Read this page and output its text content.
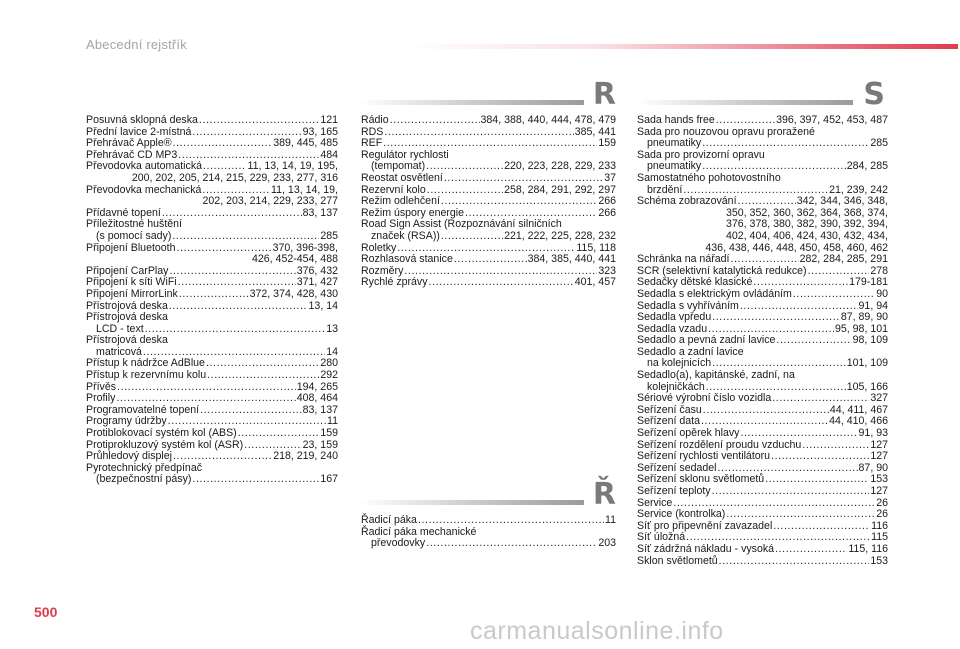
Abecední rejstřík
R	S
Ř
Posuvná sklopná deska .....	121
Přední lavice 2-místná .....	93, 165
Přehrávač Apple® .....	389, 445, 485
Přehrávač CD MP3 .....	484
Převodovka automatická .....	11, 13, 14, 19, 195,
200, 202, 205, 214, 215, 229, 233, 277, 316
Převodovka mechanická .....	11, 13, 14, 19,
202, 203, 214, 229, 233, 277
Přídavné topení .....	83, 137
Příležitostné huštění
(s pomocí sady) .....	285
Připojení Bluetooth .....	370, 396-398,
426, 452-454, 488
Připojení CarPlay .....	376, 432
Připojení k síti WiFi .....	371, 427
Připojení MirrorLink .....	372, 374, 428, 430
Přístrojová deska .....	13, 14
Přístrojová deska
LCD - text .....	13
Přístrojová deska
matricová .....	14
Přístup k nádržce AdBlue .....	280
Přístup k rezervnímu kolu .....	292
Přívěs .....	194, 265
Profily .....	408, 464
Programovatelné topení .....	83, 137
Programy údržby .....	11
Protiblokovací systém kol (ABS) .....	159
Protiprokluzový systém kol (ASR) .....	23, 159
Průhledový displej .....	218, 219, 240
Pyrotechnický předpínač
(bezpečnostní pásy) .....	167
Rádio .....	384, 388, 440, 444, 478, 479
RDS .....	385, 441
REF .....	159
Regulátor rychlosti
(tempomat) .....	220, 223, 228, 229, 233
Reostat osvětlení .....	37
Rezervní kolo .....	258, 284, 291, 292, 297
Režim odlehčení .....	266
Režim úspory energie .....	266
Road Sign Assist (Rozpoznávání silničních
značek (RSA)) .....	221, 222, 225, 228, 232
Roletky .....	115, 118
Rozhlasová stanice .....	384, 385, 440, 441
Rozměry .....	323
Rychlé zprávy .....	401, 457
Řadicí páka .....	11
Řadicí páka mechanické
převodovky .....	203
Sada hands free .....	396, 397, 452, 453, 487
Sada pro nouzovou opravu proražené
pneumatiky .....	285
Sada pro provizorní opravu
pneumatiky .....	284, 285
Samostatného pohotovostního
brzdění .....	21, 239, 242
Schéma zobrazování .....	342, 344, 346, 348,
350, 352, 360, 362, 364, 368, 374,
376, 378, 380, 382, 390, 392, 394,
402, 404, 406, 424, 430, 432, 434,
436, 438, 446, 448, 450, 458, 460, 462
Schránka na nářadí .....	282, 284, 285, 291
SCR (selektivní katalytická redukce) .....	278
Sedačky dětské klasické .....	179-181
Sedadla s elektrickým ovládáním .....	90
Sedadla s vyhříváním .....	91, 94
Sedadla vpředu .....	87, 89, 90
Sedadla vzadu .....	95, 98, 101
Sedadlo a pevná zadní lavice .....	98, 109
Sedadlo a zadní lavice
na kolejnicích .....	101, 109
Sedadlo(a), kapitánské, zadní, na
kolejničkách .....	105, 166
Sériové výrobní číslo vozidla .....	327
Seřízení času .....	44, 411, 467
Seřízení data .....	44, 410, 466
Seřízení opěrek hlavy .....	91, 93
Seřízení rozdělení proudu vzduchu .....	127
Seřízení rychlosti ventilátoru .....	127
Seřízení sedadel .....	87, 90
Seřízení sklonu světlometů .....	153
Seřízení teploty .....	127
Service .....	26
Service (kontrolka) .....	26
Síť pro připevnění zavazadel .....	116
Síť úložná .....	115
Síť zádržná nákladu - vysoká .....	115, 116
Sklon světlometů .....	153
500
carmanualsonline.info
